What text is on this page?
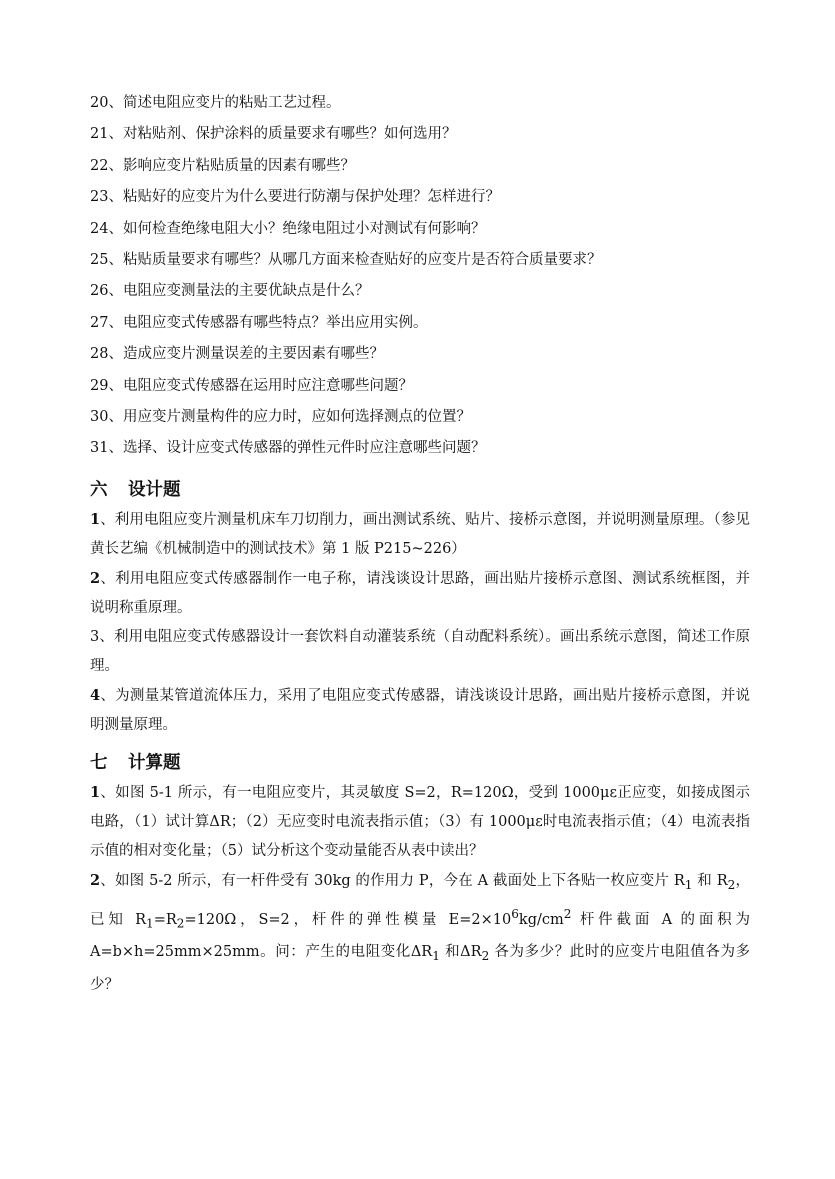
20、简述电阻应变片的粘贴工艺过程。
21、对粘贴剂、保护涂料的质量要求有哪些？如何选用？
22、影响应变片粘贴质量的因素有哪些？
23、粘贴好的应变片为什么要进行防潮与保护处理？怎样进行？
24、如何检查绝缘电阻大小？绝缘电阻过小对测试有何影响？
25、粘贴质量要求有哪些？从哪几方面来检查贴好的应变片是否符合质量要求？
26、电阻应变测量法的主要优缺点是什么？
27、电阻应变式传感器有哪些特点？举出应用实例。
28、造成应变片测量误差的主要因素有哪些？
29、电阻应变式传感器在运用时应注意哪些问题？
30、用应变片测量构件的应力时，应如何选择测点的位置？
31、选择、设计应变式传感器的弹性元件时应注意哪些问题？
六 设计题
1、利用电阻应变片测量机床车刀切削力，画出测试系统、贴片、接桥示意图，并说明测量原理。（参见黄长艺编《机械制造中的测试技术》第 1 版 P215~226）
2、利用电阻应变式传感器制作一电子称，请浅谈设计思路，画出贴片接桥示意图、测试系统框图，并说明称重原理。
3、利用电阻应变式传感器设计一套饮料自动灌装系统（自动配料系统）。画出系统示意图，简述工作原理。
4、为测量某管道流体压力，采用了电阻应变式传感器，请浅谈设计思路，画出贴片接桥示意图，并说明测量原理。
七 计算题
1、如图 5-1 所示，有一电阻应变片，其灵敏度 S=2，R=120Ω，受到 1000με正应变，如接成图示电路，（1）试计算ΔR；（2）无应变时电流表指示值；（3）有 1000με时电流表指示值；（4）电流表指示值的相对变化量；（5）试分析这个变动量能否从表中读出？
2、如图 5-2 所示，有一杆件受有 30kg 的作用力 P，今在 A 截面处上下各贴一枚应变片 $R_1$ 和 $R_2$，已知 $R_1=R_2=120\Omega$，S=2，杆件的弹性模量 $E=2\times 10^6kg/cm^2$ 杆件截面 A 的面积为 A=b×h=25mm×25mm。问：产生的电阻变化$\Delta R_1$ 和$\Delta R_2$ 各为多少？此时的应变片电阻值各为多少？
